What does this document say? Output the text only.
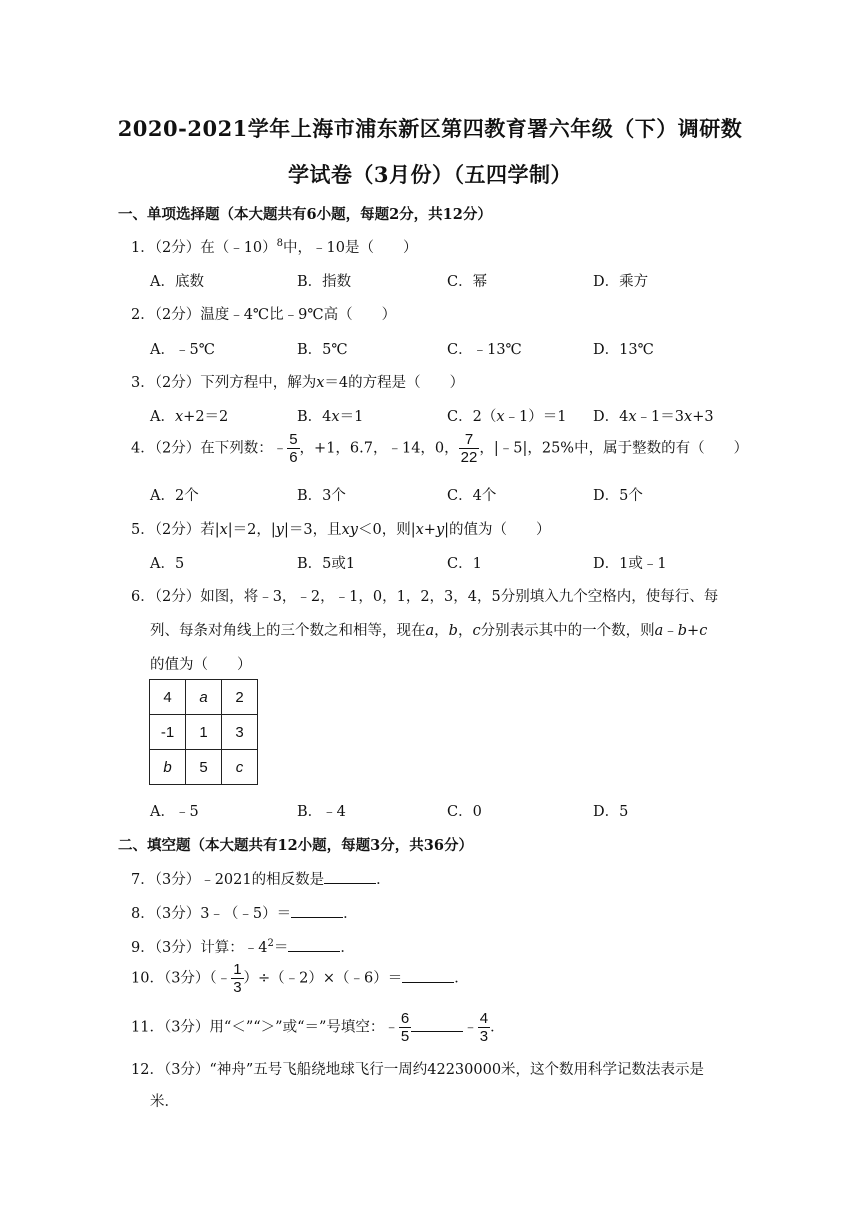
2020-2021学年上海市浦东新区第四教育署六年级（下）调研数
学试卷（3月份）（五四学制）
一、单项选择题（本大题共有6小题，每题2分，共12分）
1．（2分）在（﹣10）$^8$中，﹣10是（　　）
A．底数	B．指数	C．幂	D．乘方
2．（2分）温度﹣4℃比﹣9℃高（　　）
A．﹣5℃	B．5℃	C．﹣13℃	D．13℃
3．（2分）下列方程中，解为x＝4的方程是（　　）
A．x+2＝2	B．4x＝1	C．2（x﹣1）＝1 D．4x﹣1＝3x+3
4．（2分）在下列数：﹣ $\frac{5}{6}$ ，+1，6.7，﹣14，0， $\frac{7}{22}$ ，|﹣5|，25%中，属于整数的有（　　）
A．2个	B．3个	C．4个	D．5个
5．（2分）若|x|＝2，|y|＝3，且xy＜0，则|x+y|的值为（　　）
A．5	B．5或1	C．1	D．1或﹣1
6．（2分）如图，将﹣3，﹣2，﹣1，0，1，2，3，4，5分别填入九个空格内，使每行、每
列、每条对角线上的三个数之和相等，现在a，b，c分别表示其中的一个数，则a﹣b+c
的值为（　　）
4	a	2
-1	1	3
b	5	c
A．﹣5	B．﹣4	C．0	D．5
二、填空题（本大题共有12小题，每题3分，共36分）
7．（3分）﹣2021的相反数是	．
8．（3分）3﹣（﹣5）＝	．
9．（3分）计算：$﹣4^2=$	．
10．（3分）（﹣ $\frac{1}{3}$ ）÷（﹣2）×（﹣6）＝	．
11．（3分）用“＜”“＞”或“＝”号填空：﹣ $\frac{6}{5}$	﹣ $\frac{4}{3}$ ．
12．（3分）“神舟”五号飞船绕地球飞行一周约42230000米，这个数用科学记数法表示是
米．
